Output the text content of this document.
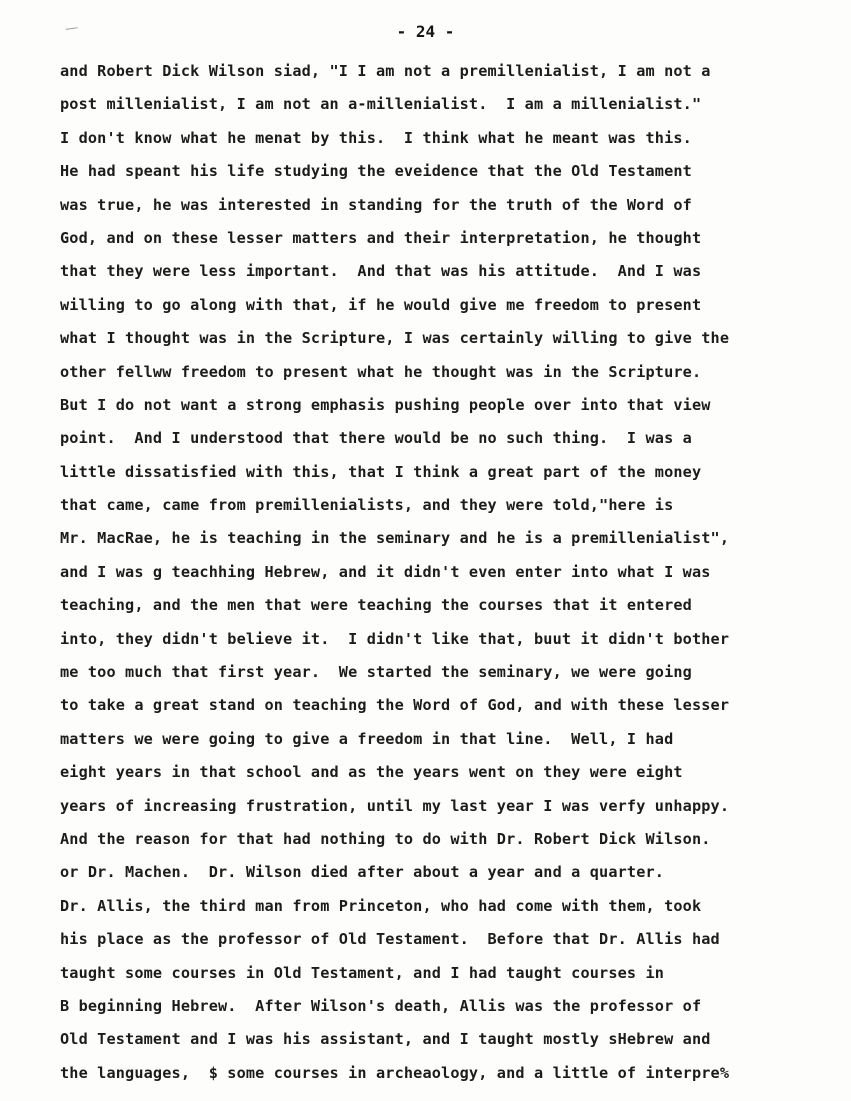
- 24 -
and Robert Dick Wilson siad, "I I am not a premillenialist, I am not a
post millenialist, I am not an a-millenialist.  I am a millenialist."
I don't know what he menat by this.  I think what he meant was this.
He had speant his life studying the eveidence that the Old Testament
was true, he was interested in standing for the truth of the Word of
God, and on these lesser matters and their interpretation, he thought
that they were less important.  And that was his attitude.  And I was
willing to go along with that, if he would give me freedom to present
what I thought was in the Scripture, I was certainly willing to give the
other fellww freedom to present what he thought was in the Scripture.
But I do not want a strong emphasis pushing people over into that view
point.  And I understood that there would be no such thing.  I was a
little dissatisfied with this, that I think a great part of the money
that came, came from premillenialists, and they were told,"here is
Mr. MacRae, he is teaching in the seminary and he is a premillenialist",
and I was g teachhing Hebrew, and it didn't even enter into what I was
teaching, and the men that were teaching the courses that it entered
into, they didn't believe it.  I didn't like that, buut it didn't bother
me too much that first year.  We started the seminary, we were going
to take a great stand on teaching the Word of God, and with these lesser
matters we were going to give a freedom in that line.  Well, I had
eight years in that school and as the years went on they were eight
years of increasing frustration, until my last year I was verfy unhappy.
And the reason for that had nothing to do with Dr. Robert Dick Wilson.
or Dr. Machen.  Dr. Wilson died after about a year and a quarter.
Dr. Allis, the third man from Princeton, who had come with them, took
his place as the professor of Old Testament.  Before that Dr. Allis had
taught some courses in Old Testament, and I had taught courses in
B beginning Hebrew.  After Wilson's death, Allis was the professor of
Old Testament and I was his assistant, and I taught mostly sHebrew and
the languages,  $ some courses in archeaology, and a little of interpre%
